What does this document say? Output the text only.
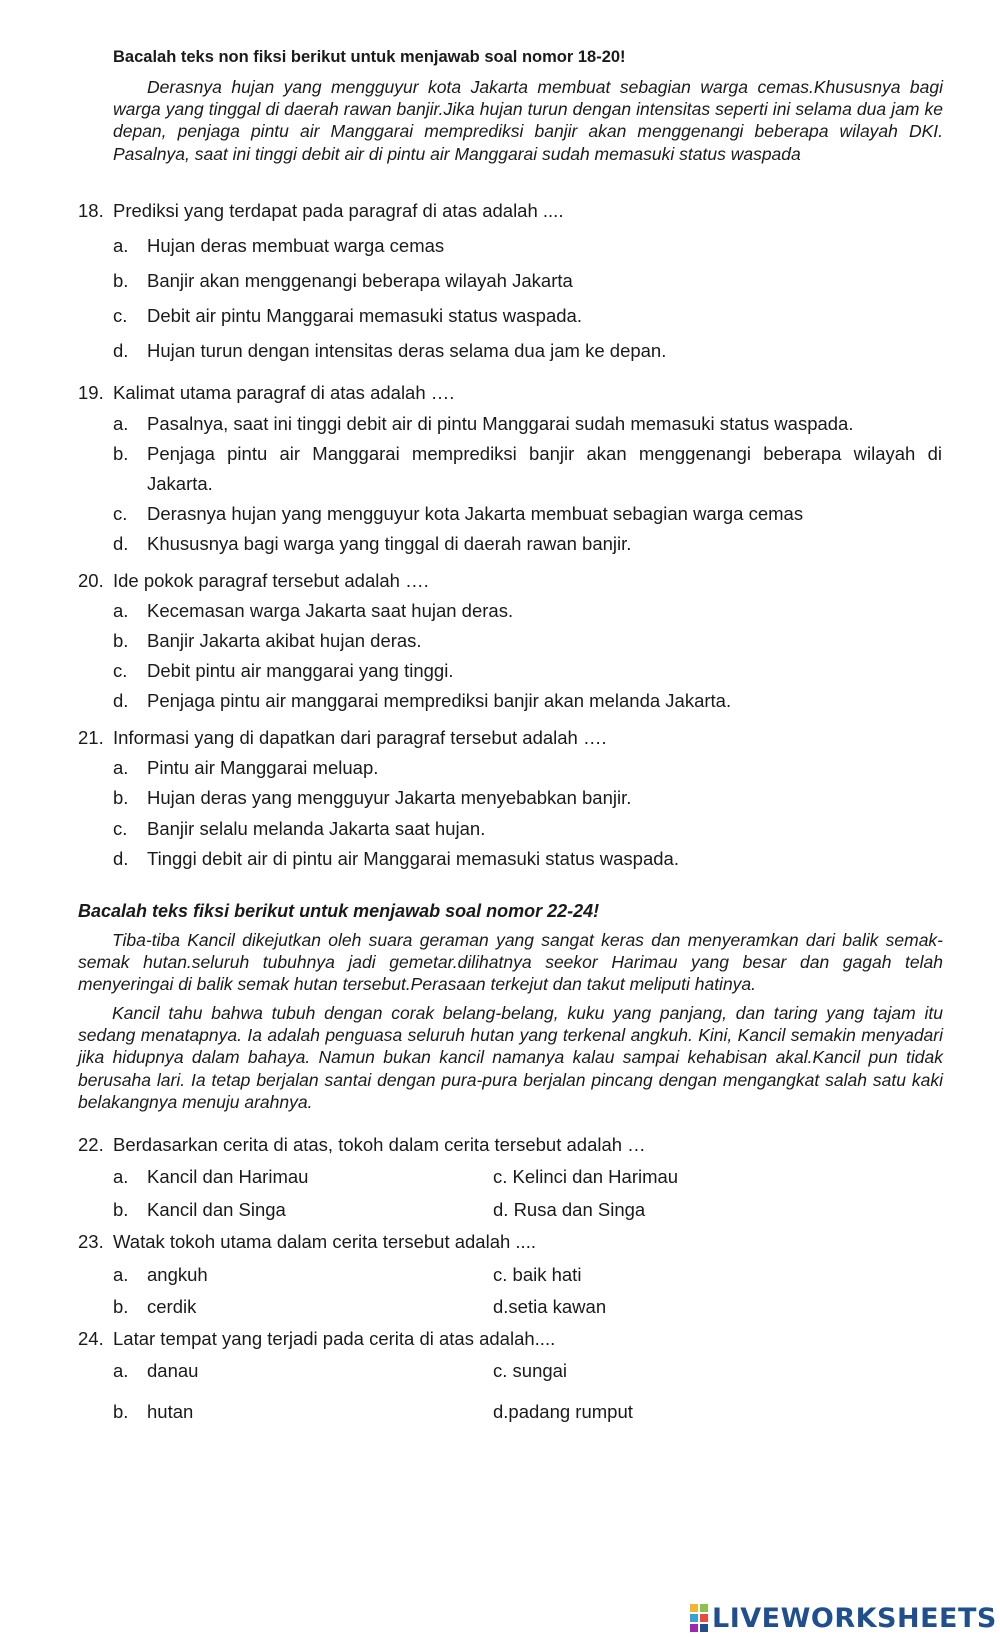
Bacalah teks non fiksi berikut untuk menjawab soal nomor 18-20!
Derasnya hujan yang mengguyur kota Jakarta membuat sebagian warga cemas.Khususnya bagi warga yang tinggal di daerah rawan banjir.Jika hujan turun dengan intensitas seperti ini selama dua jam ke depan, penjaga pintu air Manggarai memprediksi banjir akan menggenangi beberapa wilayah DKI. Pasalnya, saat ini tinggi debit air di pintu air Manggarai sudah memasuki status waspada
18. Prediksi yang terdapat pada paragraf di atas adalah ....
a. Hujan deras membuat warga cemas
b. Banjir akan menggenangi beberapa wilayah Jakarta
c. Debit air pintu Manggarai memasuki status waspada.
d. Hujan turun dengan intensitas deras selama dua jam ke depan.
19. Kalimat utama paragraf di atas adalah ….
a. Pasalnya, saat ini tinggi debit air di pintu Manggarai sudah memasuki status waspada.
b. Penjaga pintu air Manggarai memprediksi banjir akan menggenangi beberapa wilayah di
Jakarta.
c. Derasnya hujan yang mengguyur kota Jakarta membuat sebagian warga cemas
d. Khususnya bagi warga yang tinggal di daerah rawan banjir.
20. Ide pokok paragraf tersebut adalah ….
a. Kecemasan warga Jakarta saat hujan deras.
b. Banjir Jakarta akibat hujan deras.
c. Debit pintu air manggarai yang tinggi.
d. Penjaga pintu air manggarai memprediksi banjir akan melanda Jakarta.
21. Informasi yang di dapatkan dari paragraf tersebut adalah ….
a. Pintu air Manggarai meluap.
b. Hujan deras yang mengguyur Jakarta menyebabkan banjir.
c. Banjir selalu melanda Jakarta saat hujan.
d. Tinggi debit air di pintu air Manggarai memasuki status waspada.
Bacalah teks fiksi berikut untuk menjawab soal nomor 22-24!
Tiba-tiba Kancil dikejutkan oleh suara geraman yang sangat keras dan menyeramkan dari balik semak-semak hutan.seluruh tubuhnya jadi gemetar.dilihatnya seekor Harimau yang besar dan gagah telah menyeringai di balik semak hutan tersebut.Perasaan terkejut dan takut meliputi hatinya.
Kancil tahu bahwa tubuh dengan corak belang-belang, kuku yang panjang, dan taring yang tajam itu sedang menatapnya. Ia adalah penguasa seluruh hutan yang terkenal angkuh. Kini, Kancil semakin menyadari jika hidupnya dalam bahaya. Namun bukan kancil namanya kalau sampai kehabisan akal.Kancil pun tidak berusaha lari. Ia tetap berjalan santai dengan pura-pura berjalan pincang dengan mengangkat salah satu kaki belakangnya menuju arahnya.
22. Berdasarkan cerita di atas, tokoh dalam cerita tersebut adalah …
a. Kancil dan Harimau	c. Kelinci dan Harimau
b. Kancil dan Singa	d. Rusa dan Singa
23. Watak tokoh utama dalam cerita tersebut adalah ....
a. angkuh	c. baik hati
b. cerdik	d.setia kawan
24. Latar tempat yang terjadi pada cerita di atas adalah....
a. danau	c. sungai
b. hutan	d.padang rumput
LIVEWORKSHEETS
